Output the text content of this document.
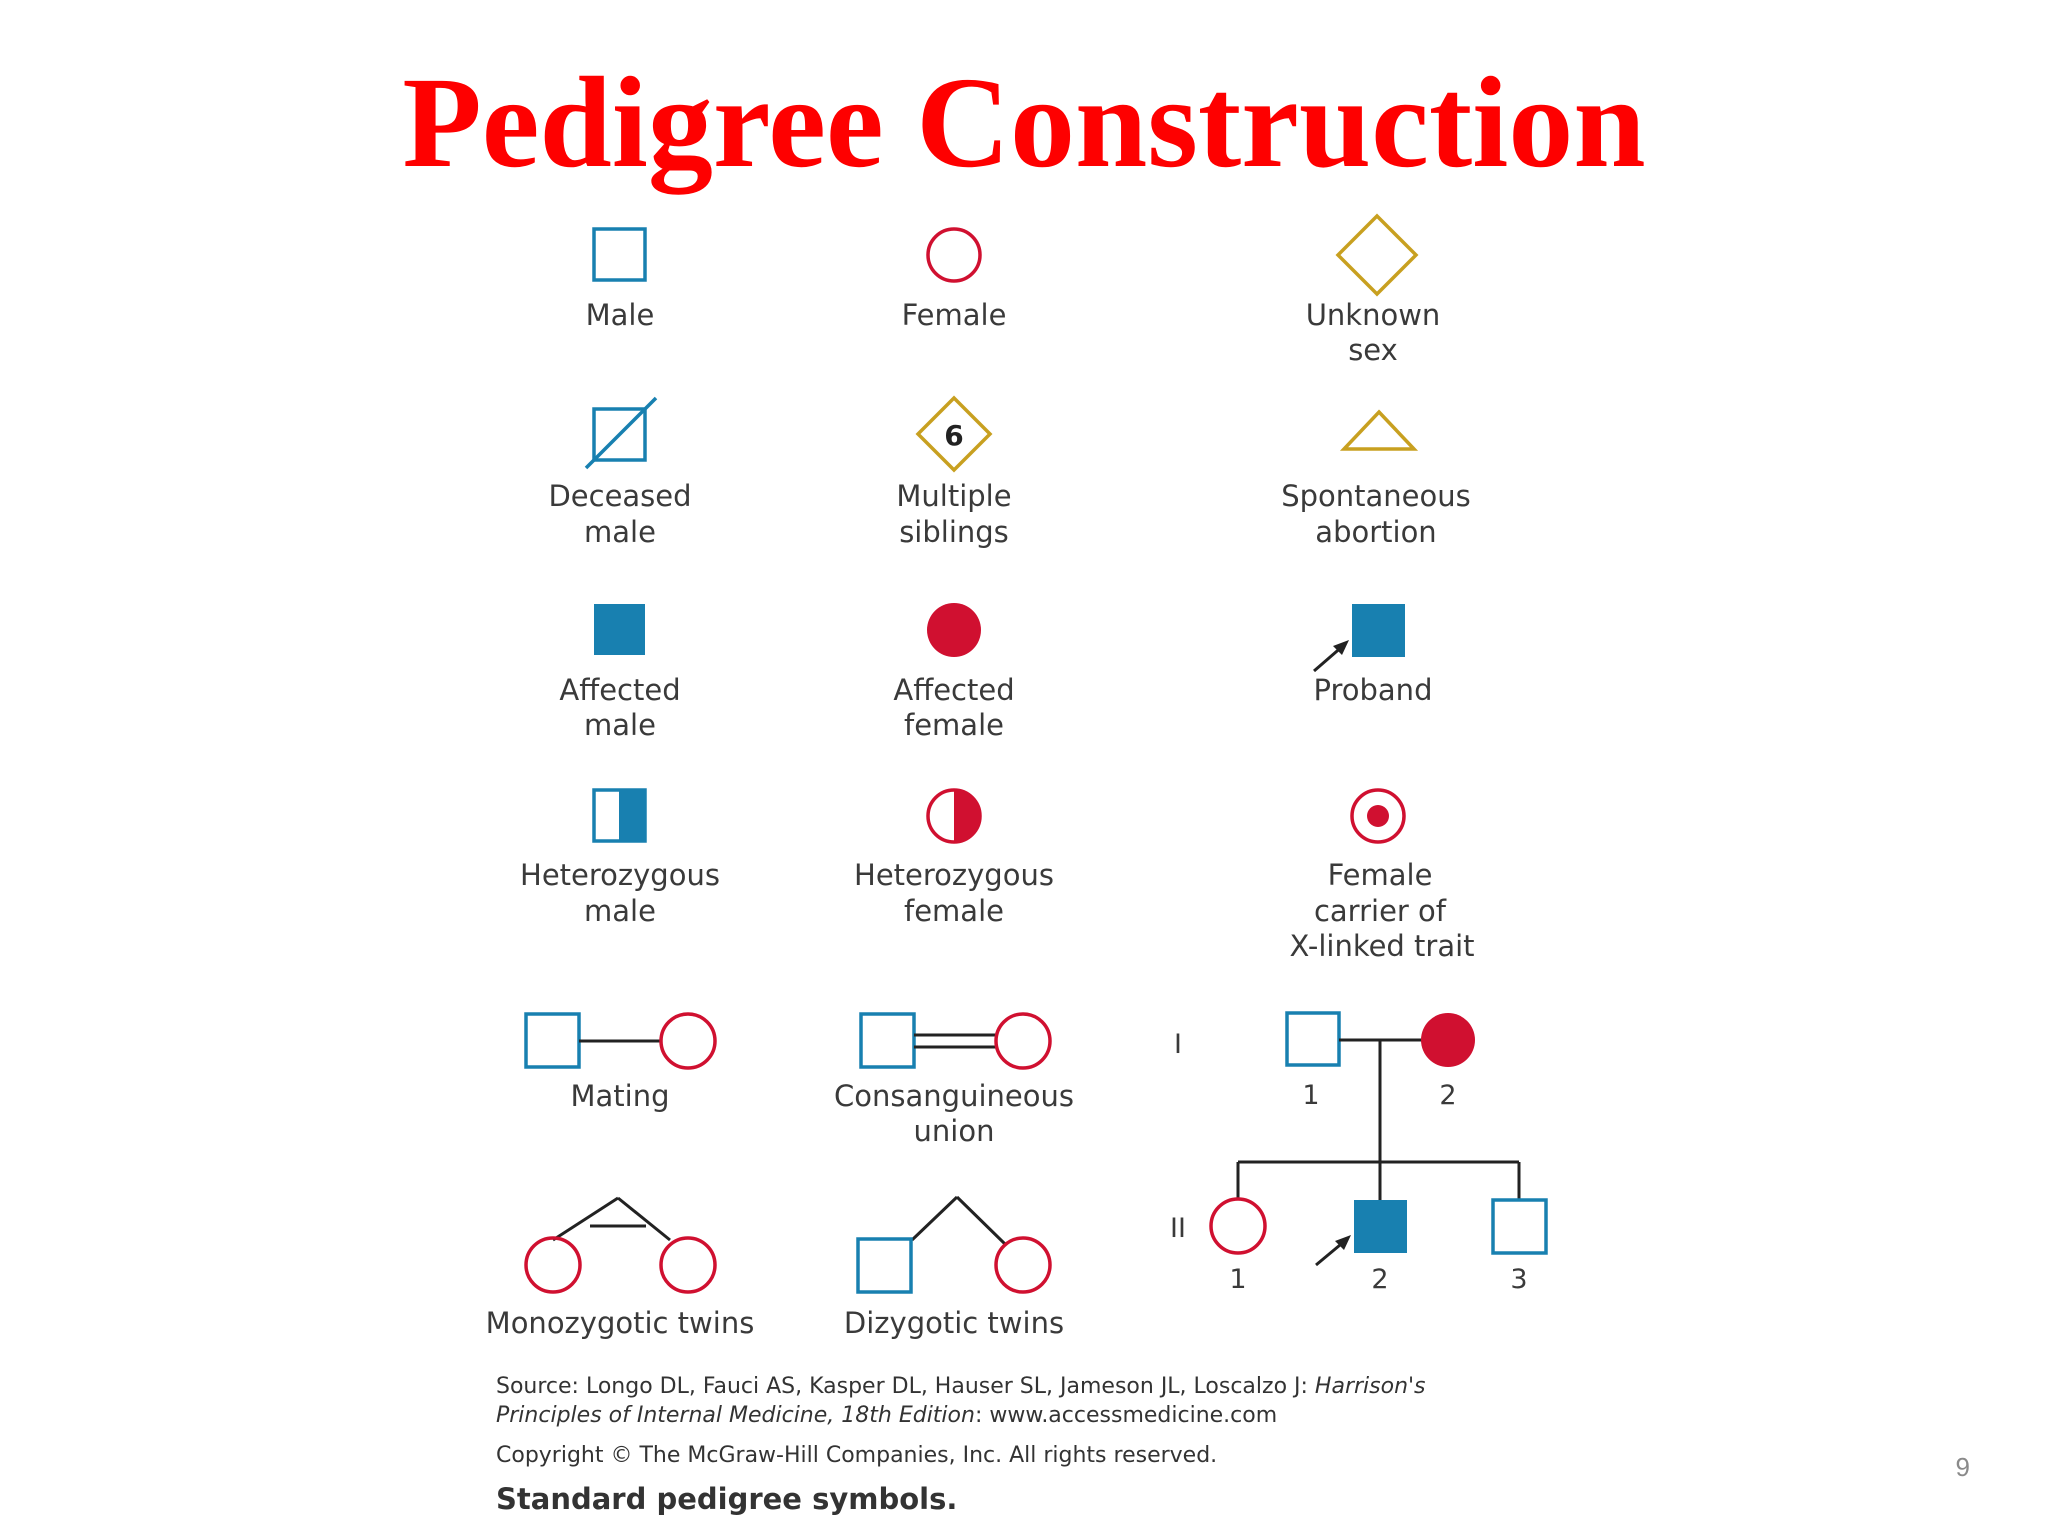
Pedigree Construction
Male	Female	Unknown
sex
Deceased
male
6
Multiple
siblings
Spontaneous
abortion
Affected
male
Affected
female
Proband
Heterozygous
male
Heterozygous
female
Female
carrier of
X-linked trait
Mating	Consanguineous
union
Monozygotic twins	Dizygotic twins
I
II
1	2
1	2	3
Source: Longo DL, Fauci AS, Kasper DL, Hauser SL, Jameson JL, Loscalzo J: Harrison's
Principles of Internal Medicine, 18th Edition: www.accessmedicine.com
Copyright © The McGraw-Hill Companies, Inc. All rights reserved.
Standard pedigree symbols.
9
